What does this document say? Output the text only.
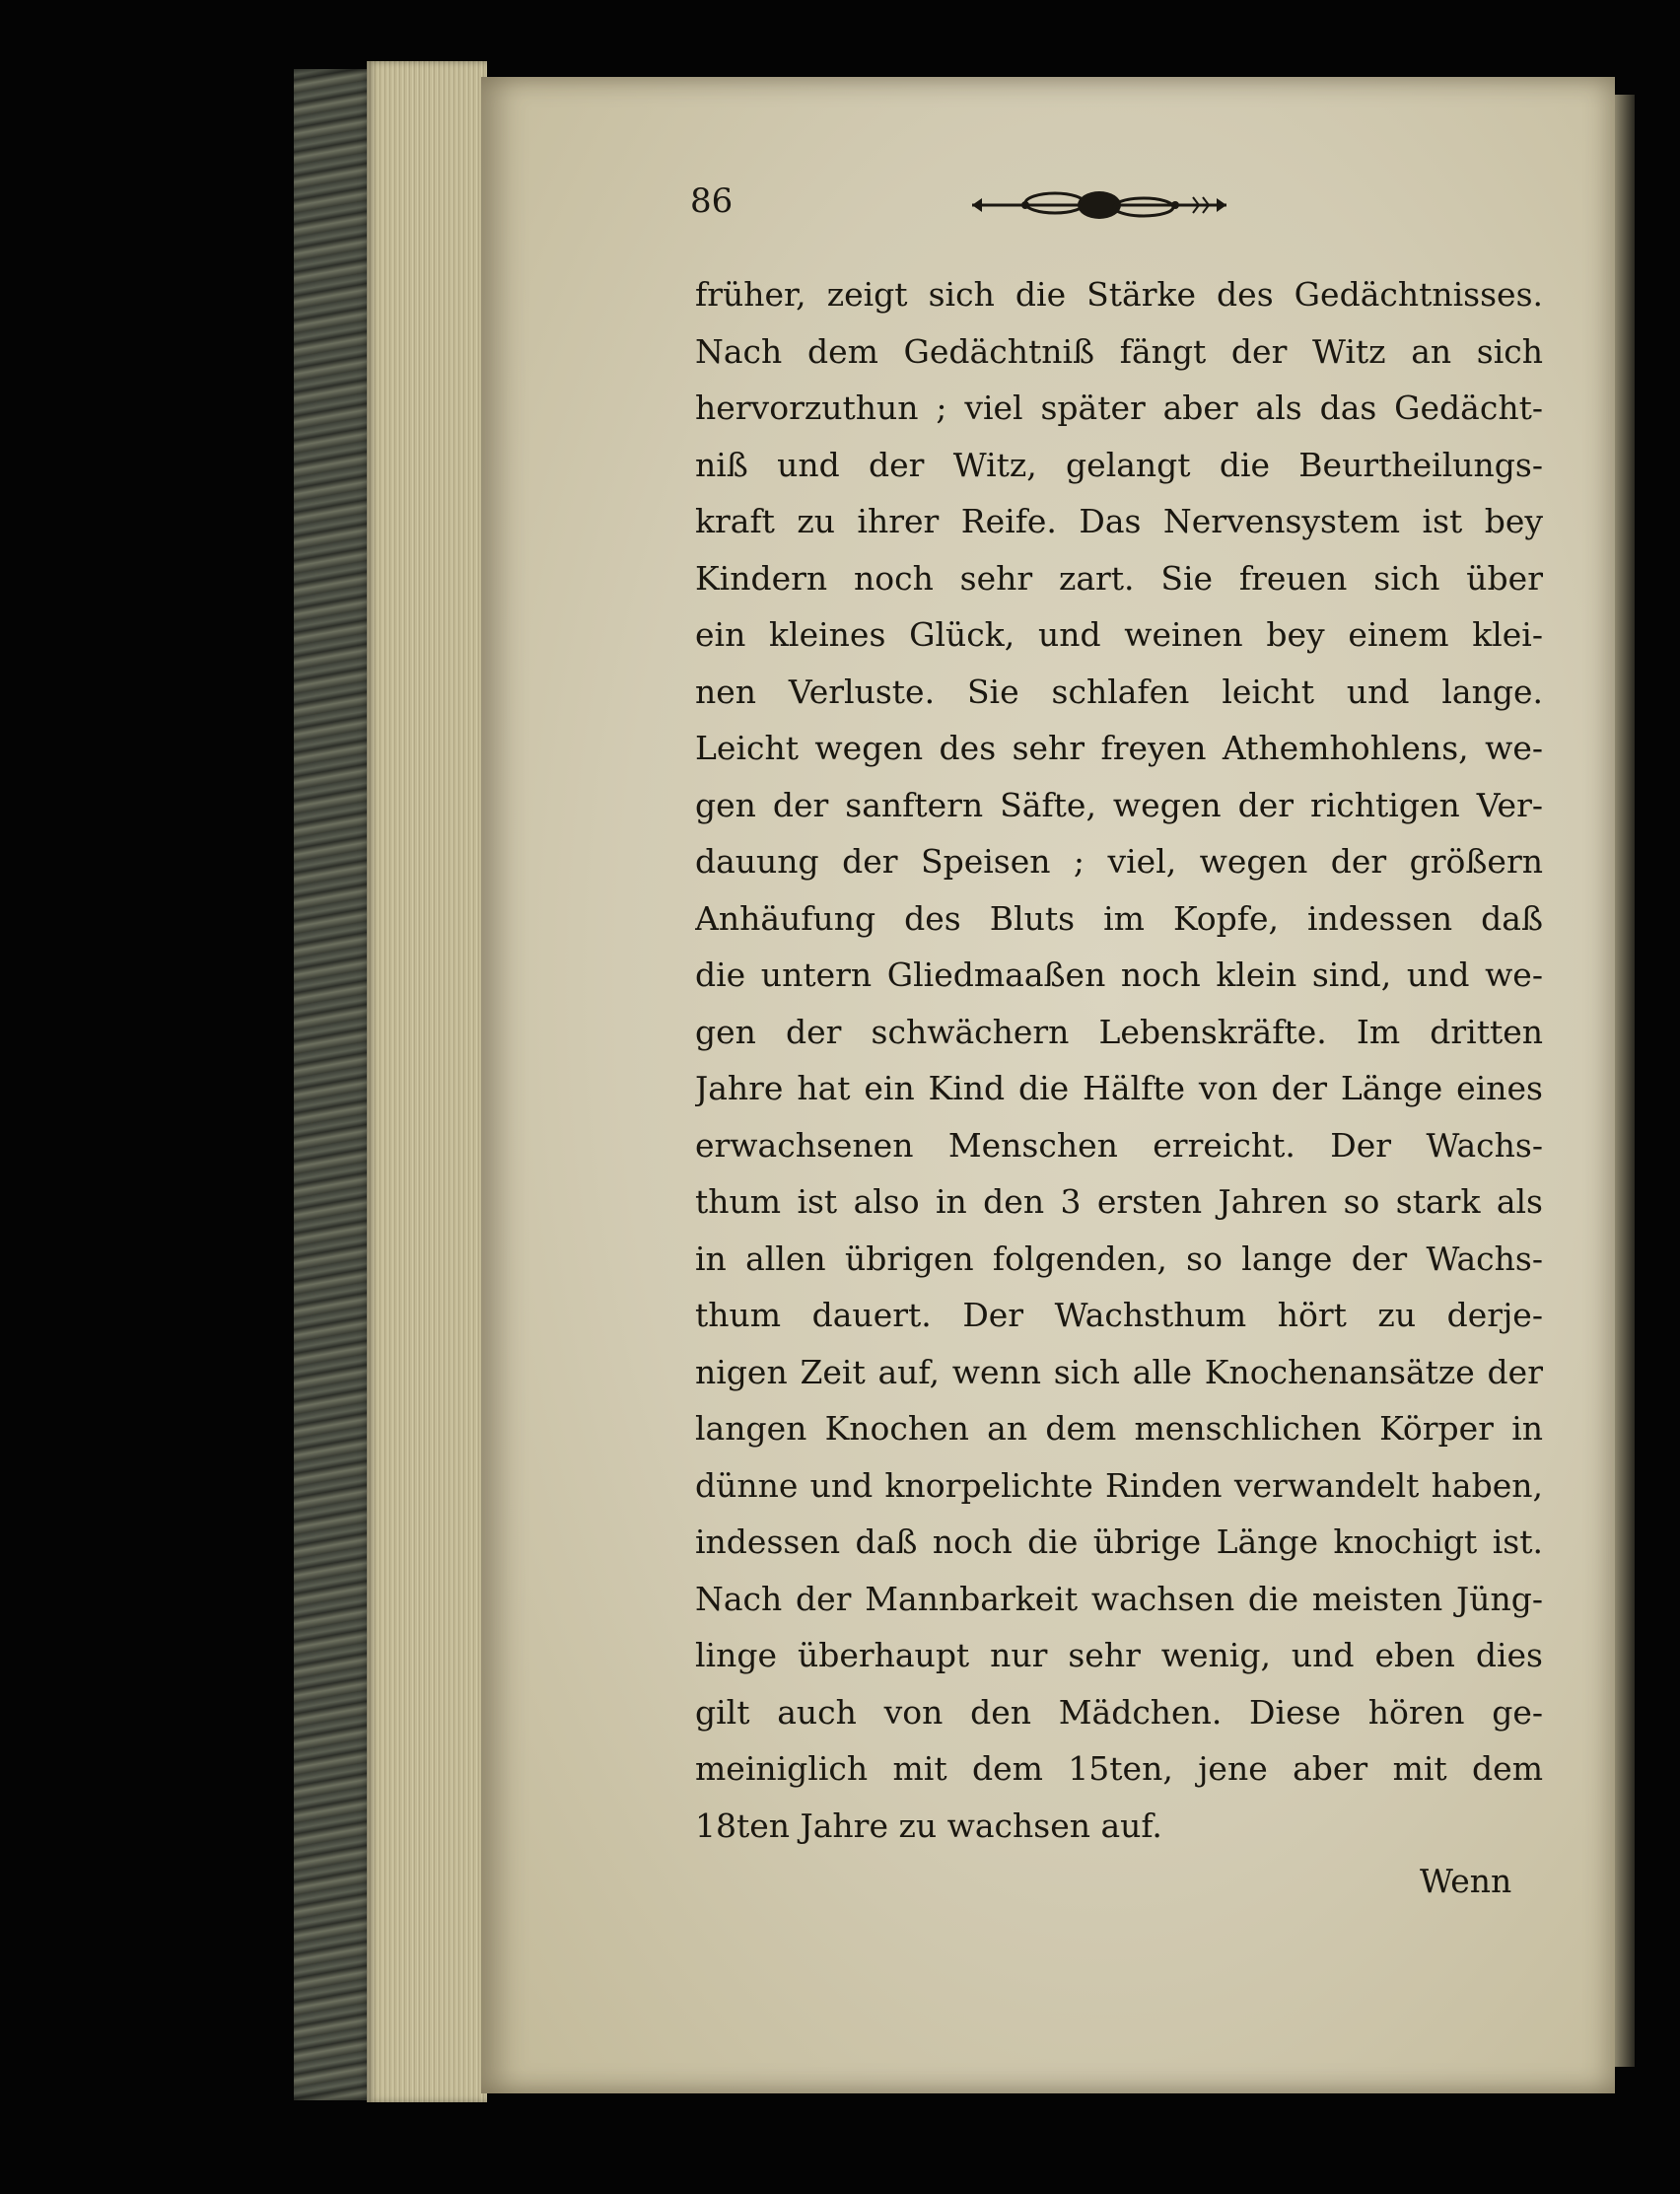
86
früher, zeigt sich die Stärke des Gedächtnisses.
Nach dem Gedächtniß fängt der Witz an sich
hervorzuthun ; viel später aber als das Gedächt-
niß und der Witz, gelangt die Beurtheilungs-
kraft zu ihrer Reife. Das Nervensystem ist bey
Kindern noch sehr zart. Sie freuen sich über
ein kleines Glück, und weinen bey einem klei-
nen Verluste. Sie schlafen leicht und lange.
Leicht wegen des sehr freyen Athemhohlens, we-
gen der sanftern Säfte, wegen der richtigen Ver-
dauung der Speisen ; viel, wegen der größern
Anhäufung des Bluts im Kopfe, indessen daß
die untern Gliedmaaßen noch klein sind, und we-
gen der schwächern Lebenskräfte. Im dritten
Jahre hat ein Kind die Hälfte von der Länge eines
erwachsenen Menschen erreicht. Der Wachs-
thum ist also in den 3 ersten Jahren so stark als
in allen übrigen folgenden, so lange der Wachs-
thum dauert. Der Wachsthum hört zu derje-
nigen Zeit auf, wenn sich alle Knochenansätze der
langen Knochen an dem menschlichen Körper in
dünne und knorpelichte Rinden verwandelt haben,
indessen daß noch die übrige Länge knochigt ist.
Nach der Mannbarkeit wachsen die meisten Jüng-
linge überhaupt nur sehr wenig, und eben dies
gilt auch von den Mädchen. Diese hören ge-
meiniglich mit dem 15ten, jene aber mit dem
18ten Jahre zu wachsen auf.
Wenn
